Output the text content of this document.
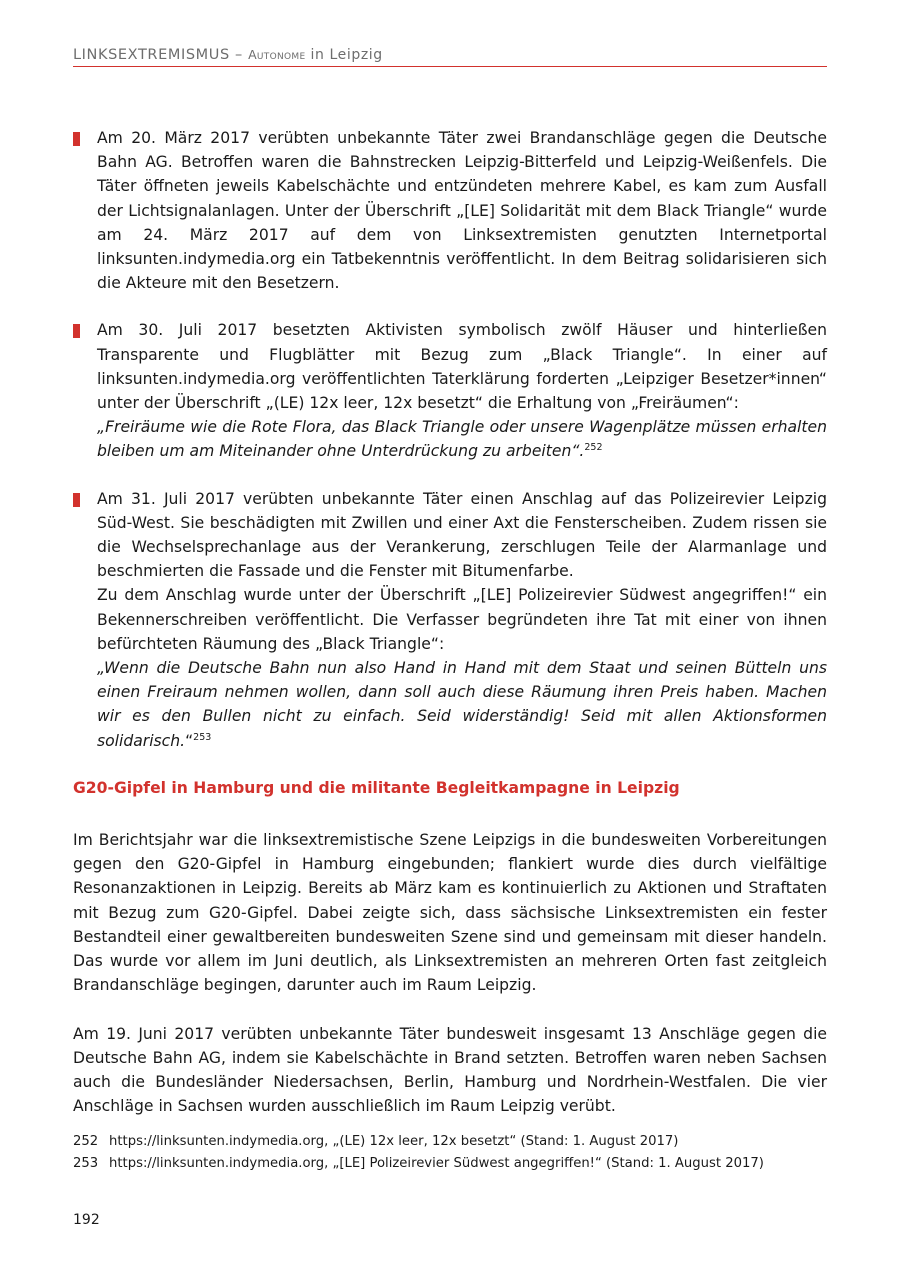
LINKSEXTREMISMUS – Autonome in Leipzig

Am 20. März 2017 verübten unbekannte Täter zwei Brandanschläge gegen die Deutsche Bahn AG. Betroffen waren die Bahnstrecken Leipzig-Bitterfeld und Leipzig-Weißenfels. Die Täter öffneten jeweils Kabelschächte und entzündeten mehrere Kabel, es kam zum Ausfall der Lichtsignalanlagen. Unter der Überschrift „[LE] Solidarität mit dem Black Triangle“ wurde am 24. März 2017 auf dem von Linksextremisten genutzten Internetportal linksunten.indymedia.org ein Tatbekenntnis veröffentlicht. In dem Beitrag solidarisieren sich die Akteure mit den Besetzern.

Am 30. Juli 2017 besetzten Aktivisten symbolisch zwölf Häuser und hinterließen Transparente und Flugblätter mit Bezug zum „Black Triangle“. In einer auf linksunten.indymedia.org veröffentlichten Taterklärung forderten „Leipziger Besetzer*innen“ unter der Überschrift „(LE) 12x leer, 12x besetzt“ die Erhaltung von „Freiräumen“:

„Freiräume wie die Rote Flora, das Black Triangle oder unsere Wagenplätze müssen erhalten bleiben um am Miteinander ohne Unterdrückung zu arbeiten“.$^{252}$

Am 31. Juli 2017 verübten unbekannte Täter einen Anschlag auf das Polizeirevier Leipzig Süd-West. Sie beschädigten mit Zwillen und einer Axt die Fensterscheiben. Zudem rissen sie die Wechselsprechanlage aus der Verankerung, zerschlugen Teile der Alarmanlage und beschmierten die Fassade und die Fenster mit Bitumenfarbe.

Zu dem Anschlag wurde unter der Überschrift „[LE] Polizeirevier Südwest angegriffen!“ ein Bekennerschreiben veröffentlicht. Die Verfasser begründeten ihre Tat mit einer von ihnen befürchteten Räumung des „Black Triangle“:

„Wenn die Deutsche Bahn nun also Hand in Hand mit dem Staat und seinen Bütteln uns einen Freiraum nehmen wollen, dann soll auch diese Räumung ihren Preis haben. Machen wir es den Bullen nicht zu einfach. Seid widerständig! Seid mit allen Aktionsformen solidarisch.“$^{253}$

G20-Gipfel in Hamburg und die militante Begleitkampagne in Leipzig

Im Berichtsjahr war die linksextremistische Szene Leipzigs in die bundesweiten Vorbereitungen gegen den G20-Gipfel in Hamburg eingebunden; flankiert wurde dies durch vielfältige Resonanzaktionen in Leipzig. Bereits ab März kam es kontinuierlich zu Aktionen und Straftaten mit Bezug zum G20-Gipfel. Dabei zeigte sich, dass sächsische Linksextremisten ein fester Bestandteil einer gewaltbereiten bundesweiten Szene sind und gemeinsam mit dieser handeln. Das wurde vor allem im Juni deutlich, als Linksextremisten an mehreren Orten fast zeitgleich Brandanschläge begingen, darunter auch im Raum Leipzig.

Am 19. Juni 2017 verübten unbekannte Täter bundesweit insgesamt 13 Anschläge gegen die Deutsche Bahn AG, indem sie Kabelschächte in Brand setzten. Betroffen waren neben Sachsen auch die Bundesländer Niedersachsen, Berlin, Hamburg und Nordrhein-Westfalen. Die vier Anschläge in Sachsen wurden ausschließlich im Raum Leipzig verübt.

252 https://linksunten.indymedia.org, „(LE) 12x leer, 12x besetzt“ (Stand: 1. August 2017)
253 https://linksunten.indymedia.org, „[LE] Polizeirevier Südwest angegriffen!“ (Stand: 1. August 2017)
192
